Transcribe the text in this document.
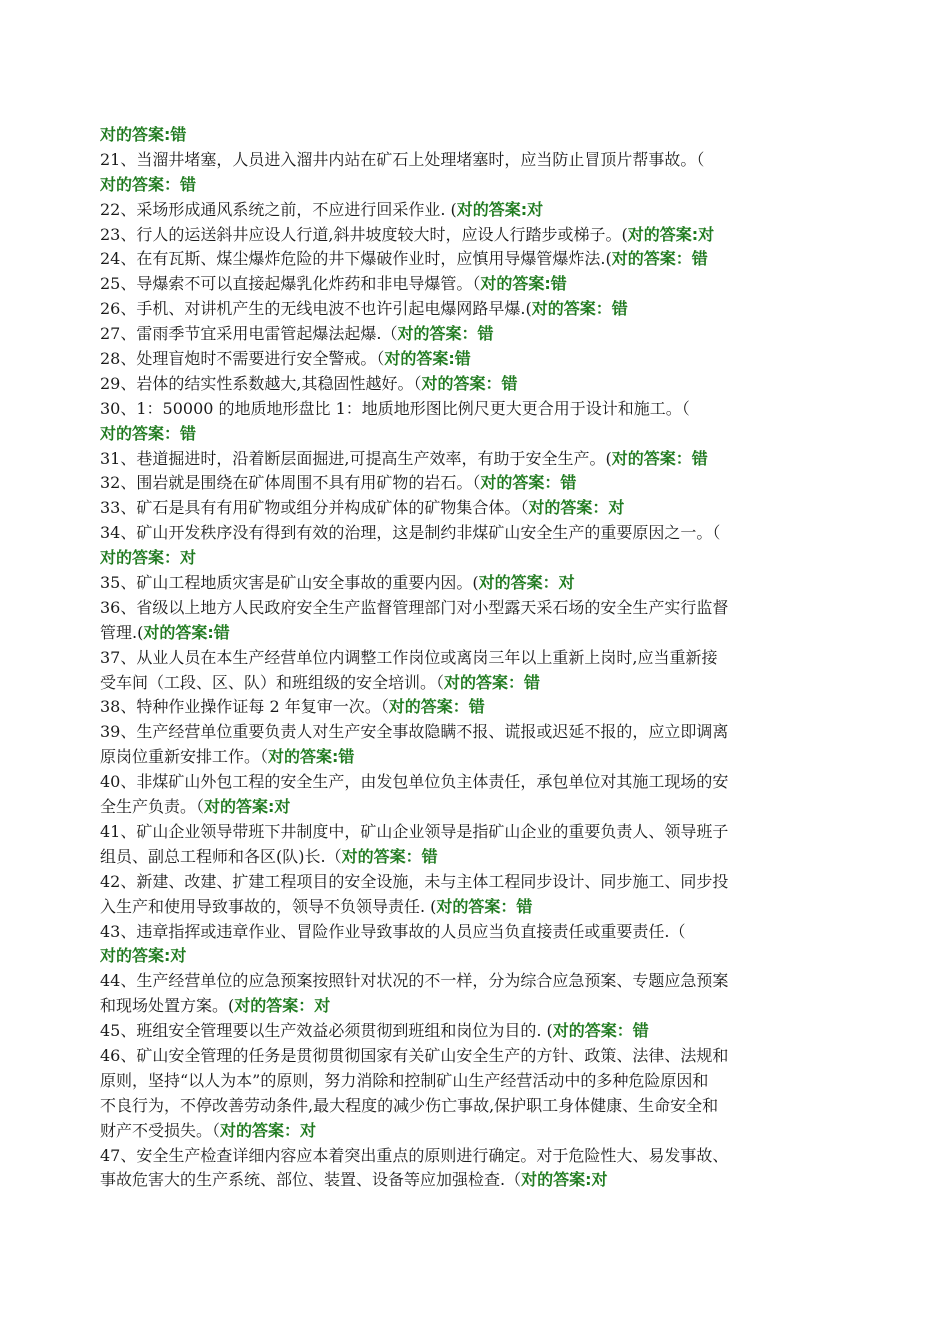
对的答案:错
21、当溜井堵塞，人员进入溜井内站在矿石上处理堵塞时，应当防止冒顶片帮事故。（
对的答案：错
22、采场形成通风系统之前，不应进行回采作业. (对的答案:对
23、行人的运送斜井应设人行道,斜井坡度较大时，应设人行踏步或梯子。(对的答案:对
24、在有瓦斯、煤尘爆炸危险的井下爆破作业时，应慎用导爆管爆炸法.(对的答案：错
25、导爆索不可以直接起爆乳化炸药和非电导爆管。（对的答案:错
26、手机、对讲机产生的无线电波不也许引起电爆网路早爆.(对的答案：错
27、雷雨季节宜采用电雷管起爆法起爆.（对的答案：错
28、处理盲炮时不需要进行安全警戒。（对的答案:错
29、岩体的结实性系数越大,其稳固性越好。（对的答案：错
30、1：50000 的地质地形盘比 1：地质地形图比例尺更大更合用于设计和施工。（
对的答案：错
31、巷道掘进时，沿着断层面掘进,可提高生产效率，有助于安全生产。(对的答案：错
32、围岩就是围绕在矿体周围不具有用矿物的岩石。（对的答案：错
33、矿石是具有有用矿物或组分并构成矿体的矿物集合体。（对的答案：对
34、矿山开发秩序没有得到有效的治理，这是制约非煤矿山安全生产的重要原因之一。（
对的答案：对
35、矿山工程地质灾害是矿山安全事故的重要内因。(对的答案：对
36、省级以上地方人民政府安全生产监督管理部门对小型露天采石场的安全生产实行监督
管理.(对的答案:错
37、从业人员在本生产经营单位内调整工作岗位或离岗三年以上重新上岗时,应当重新接
受车间（工段、区、队）和班组级的安全培训。（对的答案：错
38、特种作业操作证每 2 年复审一次。（对的答案：错
39、生产经营单位重要负责人对生产安全事故隐瞒不报、谎报或迟延不报的，应立即调离
原岗位重新安排工作。（对的答案:错
40、非煤矿山外包工程的安全生产，由发包单位负主体责任，承包单位对其施工现场的安
全生产负责。（对的答案:对
41、矿山企业领导带班下井制度中，矿山企业领导是指矿山企业的重要负责人、领导班子
组员、副总工程师和各区(队)长.（对的答案：错
42、新建、改建、扩建工程项目的安全设施，未与主体工程同步设计、同步施工、同步投
入生产和使用导致事故的，领导不负领导责任. (对的答案：错
43、违章指挥或违章作业、冒险作业导致事故的人员应当负直接责任或重要责任.（
对的答案:对
44、生产经营单位的应急预案按照针对状况的不一样，分为综合应急预案、专题应急预案
和现场处置方案。(对的答案：对
45、班组安全管理要以生产效益必须贯彻到班组和岗位为目的. (对的答案：错
46、矿山安全管理的任务是贯彻贯彻国家有关矿山安全生产的方针、政策、法律、法规和
原则，坚持“以人为本”的原则，努力消除和控制矿山生产经营活动中的多种危险原因和
不良行为，不停改善劳动条件,最大程度的减少伤亡事故,保护职工身体健康、生命安全和
财产不受损失。（对的答案：对
47、安全生产检查详细内容应本着突出重点的原则进行确定。对于危险性大、易发事故、
事故危害大的生产系统、部位、装置、设备等应加强检查.（对的答案:对
